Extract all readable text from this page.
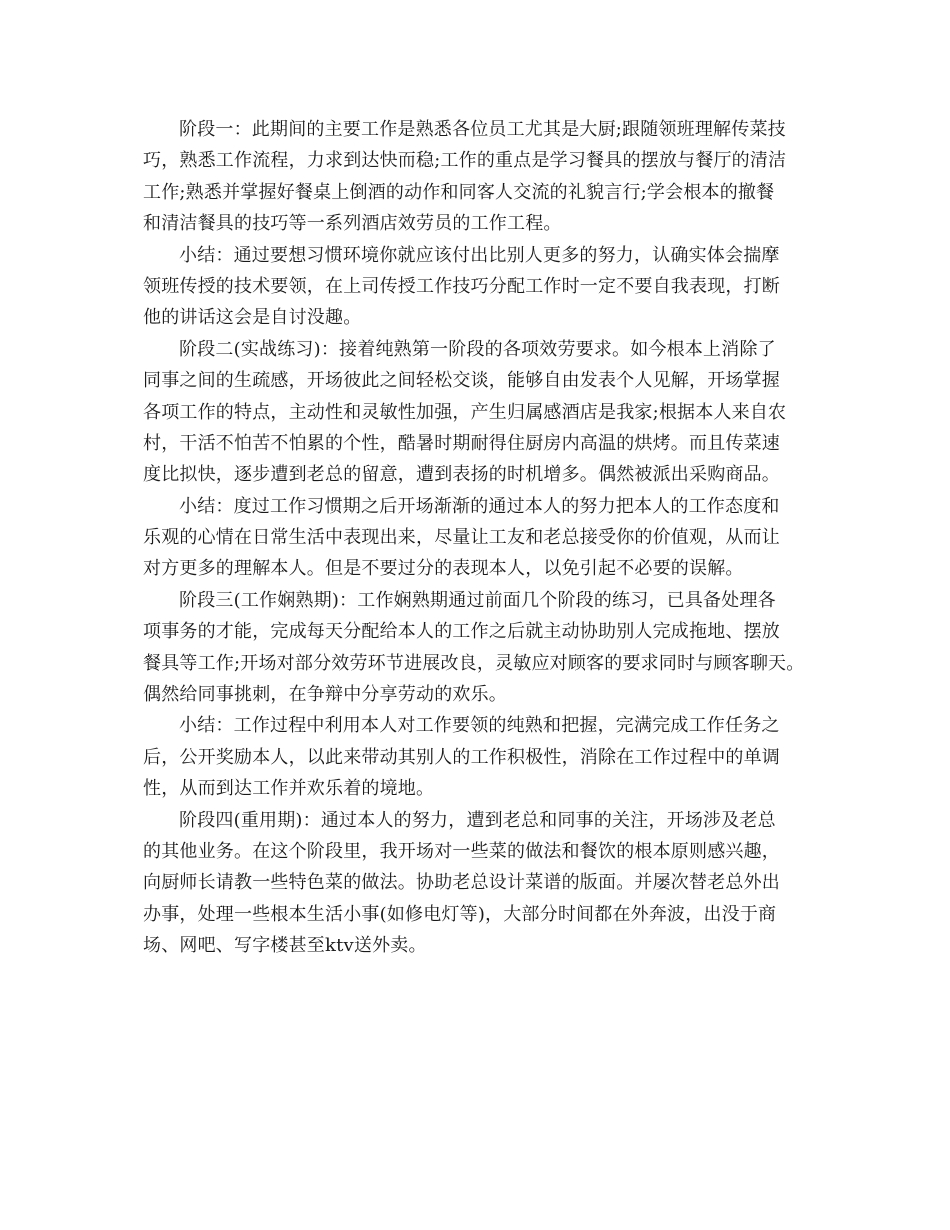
阶段一：此期间的主要工作是熟悉各位员工尤其是大厨;跟随领班理解传菜技
巧，熟悉工作流程，力求到达快而稳;工作的重点是学习餐具的摆放与餐厅的清洁
工作;熟悉并掌握好餐桌上倒酒的动作和同客人交流的礼貌言行;学会根本的撤餐
和清洁餐具的技巧等一系列酒店效劳员的工作工程。
小结：通过要想习惯环境你就应该付出比别人更多的努力，认确实体会揣摩
领班传授的技术要领，在上司传授工作技巧分配工作时一定不要自我表现，打断
他的讲话这会是自讨没趣。
阶段二(实战练习)：接着纯熟第一阶段的各项效劳要求。如今根本上消除了
同事之间的生疏感，开场彼此之间轻松交谈，能够自由发表个人见解，开场掌握
各项工作的特点，主动性和灵敏性加强，产生归属感酒店是我家;根据本人来自农
村，干活不怕苦不怕累的个性，酷暑时期耐得住厨房内高温的烘烤。而且传菜速
度比拟快，逐步遭到老总的留意，遭到表扬的时机增多。偶然被派出采购商品。
小结：度过工作习惯期之后开场渐渐的通过本人的努力把本人的工作态度和
乐观的心情在日常生活中表现出来，尽量让工友和老总接受你的价值观，从而让
对方更多的理解本人。但是不要过分的表现本人，以免引起不必要的误解。
阶段三(工作娴熟期)：工作娴熟期通过前面几个阶段的练习，已具备处理各
项事务的才能，完成每天分配给本人的工作之后就主动协助别人完成拖地、摆放
餐具等工作;开场对部分效劳环节进展改良，灵敏应对顾客的要求同时与顾客聊天。
偶然给同事挑刺，在争辩中分享劳动的欢乐。
小结：工作过程中利用本人对工作要领的纯熟和把握，完满完成工作任务之
后，公开奖励本人，以此来带动其别人的工作积极性，消除在工作过程中的单调
性，从而到达工作并欢乐着的境地。
阶段四(重用期)：通过本人的努力，遭到老总和同事的关注，开场涉及老总
的其他业务。在这个阶段里，我开场对一些菜的做法和餐饮的根本原则感兴趣，
向厨师长请教一些特色菜的做法。协助老总设计菜谱的版面。并屡次替老总外出
办事，处理一些根本生活小事(如修电灯等)，大部分时间都在外奔波，出没于商
场、网吧、写字楼甚至ktv送外卖。
